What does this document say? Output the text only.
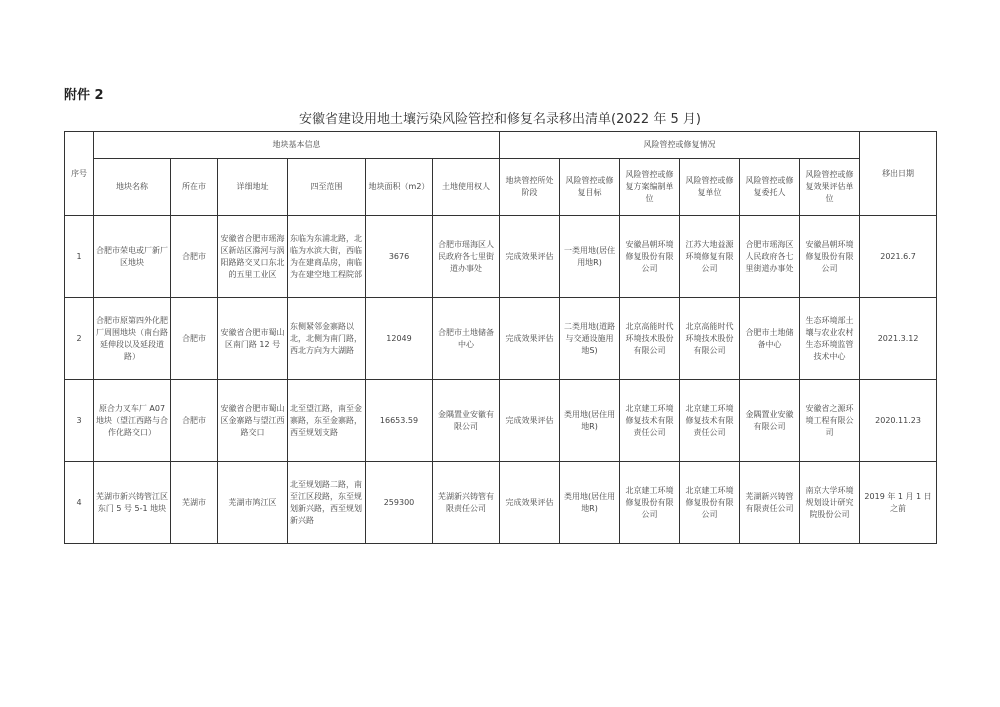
附件 2
安徽省建设用地土壤污染风险管控和修复名录移出清单(2022 年 5 月)
序号	地块基本信息						风险管控或修复情况						移出日期
	地块名称	所在市	详细地址	四至范围	地块面积（m2）	土地使用权人	地块管控所处阶段	风险管控或修复目标	风险管控或修复方案编制单位	风险管控或修复单位	风险管控或修复委托人	风险管控或修复效果评估单位	
1	合肥市荣电或厂新厂区地块	合肥市	安徽省合肥市瑶海区新站区滁河与涡阳路路交叉口东北的五里工业区	东临为东浦北路，北临为水滨大街，西临为在建商品房，南临为在建空地工程院部	3676	合肥市瑶海区人民政府各七里街道办事处	完成效果评估	一类用地(居住用地R)	安徽昌朝环境修复股份有限公司	江苏大地益源环境修复有限公司	合肥市瑶海区人民政府各七里街道办事处	安徽昌朝环境修复股份有限公司	2021.6.7
2	合肥市原第四外化肥厂周围地块（南台路延伸段以及延段道路）	合肥市	安徽省合肥市蜀山区南门路 12 号	东侧紧邻金寨路以北，北侧为南门路，西北方向为大湖路	12049	合肥市土地储备中心	完成效果评估	二类用地(道路与交通设施用地S)	北京高能时代环境技术股份有限公司	北京高能时代环境技术股份有限公司	合肥市土地储备中心	生态环境部土壤与农业农村生态环境监管技术中心	2021.3.12
3	原合力叉车厂 A07 地块（望江西路与合作化路交口）	合肥市	安徽省合肥市蜀山区金寨路与望江西路交口	北至望江路，南至金寨路，东至金寨路，西至规划支路	16653.59	金隅置业安徽有限公司	完成效果评估	类用地(居住用地R)	北京建工环境修复技术有限责任公司	北京建工环境修复技术有限责任公司	金隅置业安徽有限公司	安徽省之源环境工程有限公司	2020.11.23
4	芜湖市新兴铸管江区 东门 5 号 5-1 地块	芜湖市	芜湖市鸠江区	北至规划路二路，南至江区段路，东至规划新兴路，西至规划新兴路	259300	芜湖新兴铸管有限责任公司	完成效果评估	类用地(居住用地R)	北京建工环境修复股份有限公司	北京建工环境修复股份有限公司	芜湖新兴铸管有限责任公司	南京大学环境规划设计研究院股份公司	2019 年 1 月 1 日之前
